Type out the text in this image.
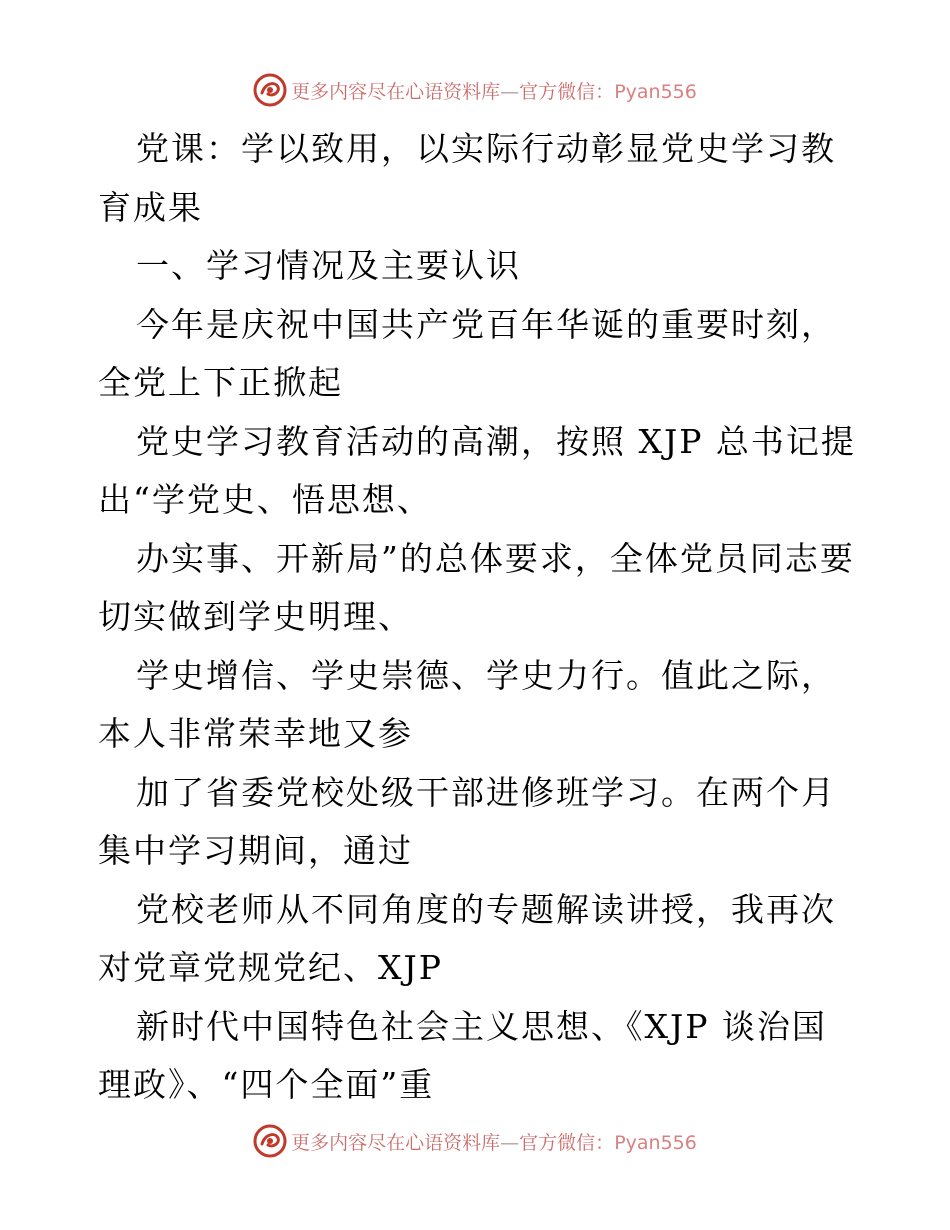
更多内容尽在心语资料库—官方微信：Pyan556

党课：学以致用，以实际行动彰显党史学习教育成果

一、学习情况及主要认识

今年是庆祝中国共产党百年华诞的重要时刻，全党上下正掀起

党史学习教育活动的高潮，按照 XJP 总书记提出“学党史、悟思想、

办实事、开新局”的总体要求，全体党员同志要切实做到学史明理、

学史增信、学史崇德、学史力行。值此之际，本人非常荣幸地又参

加了省委党校处级干部进修班学习。在两个月集中学习期间，通过

党校老师从不同角度的专题解读讲授，我再次对党章党规党纪、XJP

新时代中国特色社会主义思想、《XJP 谈治国理政》、“四个全面”重

更多内容尽在心语资料库—官方微信：Pyan556
